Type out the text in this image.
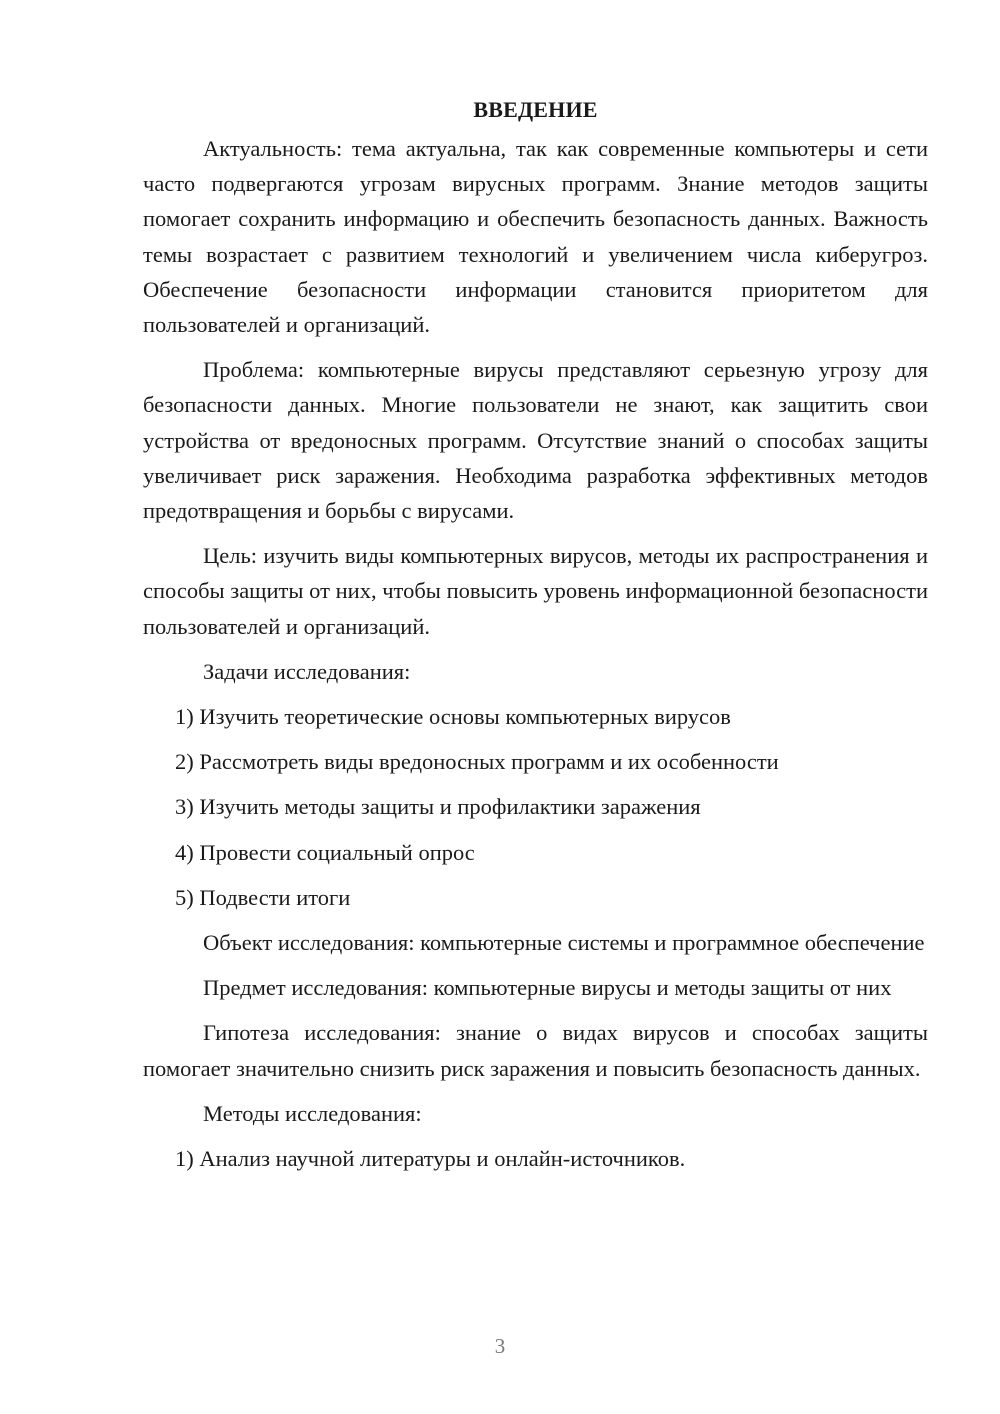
ВВЕДЕНИЕ

Актуальность: тема актуальна, так как современные компьютеры и сети часто подвергаются угрозам вирусных программ. Знание методов защиты помогает сохранить информацию и обеспечить безопасность данных. Важность темы возрастает с развитием технологий и увеличением числа киберугроз. Обеспечение безопасности информации становится приоритетом для пользователей и организаций.

Проблема: компьютерные вирусы представляют серьезную угрозу для безопасности данных. Многие пользователи не знают, как защитить свои устройства от вредоносных программ. Отсутствие знаний о способах защиты увеличивает риск заражения. Необходима разработка эффективных методов предотвращения и борьбы с вирусами.

Цель: изучить виды компьютерных вирусов, методы их распространения и способы защиты от них, чтобы повысить уровень информационной безопасности пользователей и организаций.

Задачи исследования:
1) Изучить теоретические основы компьютерных вирусов
2) Рассмотреть виды вредоносных программ и их особенности
3) Изучить методы защиты и профилактики заражения
4) Провести социальный опрос
5) Подвести итоги

Объект исследования: компьютерные системы и программное обеспечение

Предмет исследования: компьютерные вирусы и методы защиты от них

Гипотеза исследования: знание о видах вирусов и способах защиты помогает значительно снизить риск заражения и повысить безопасность данных.

Методы исследования:
1) Анализ научной литературы и онлайн-источников.
3
